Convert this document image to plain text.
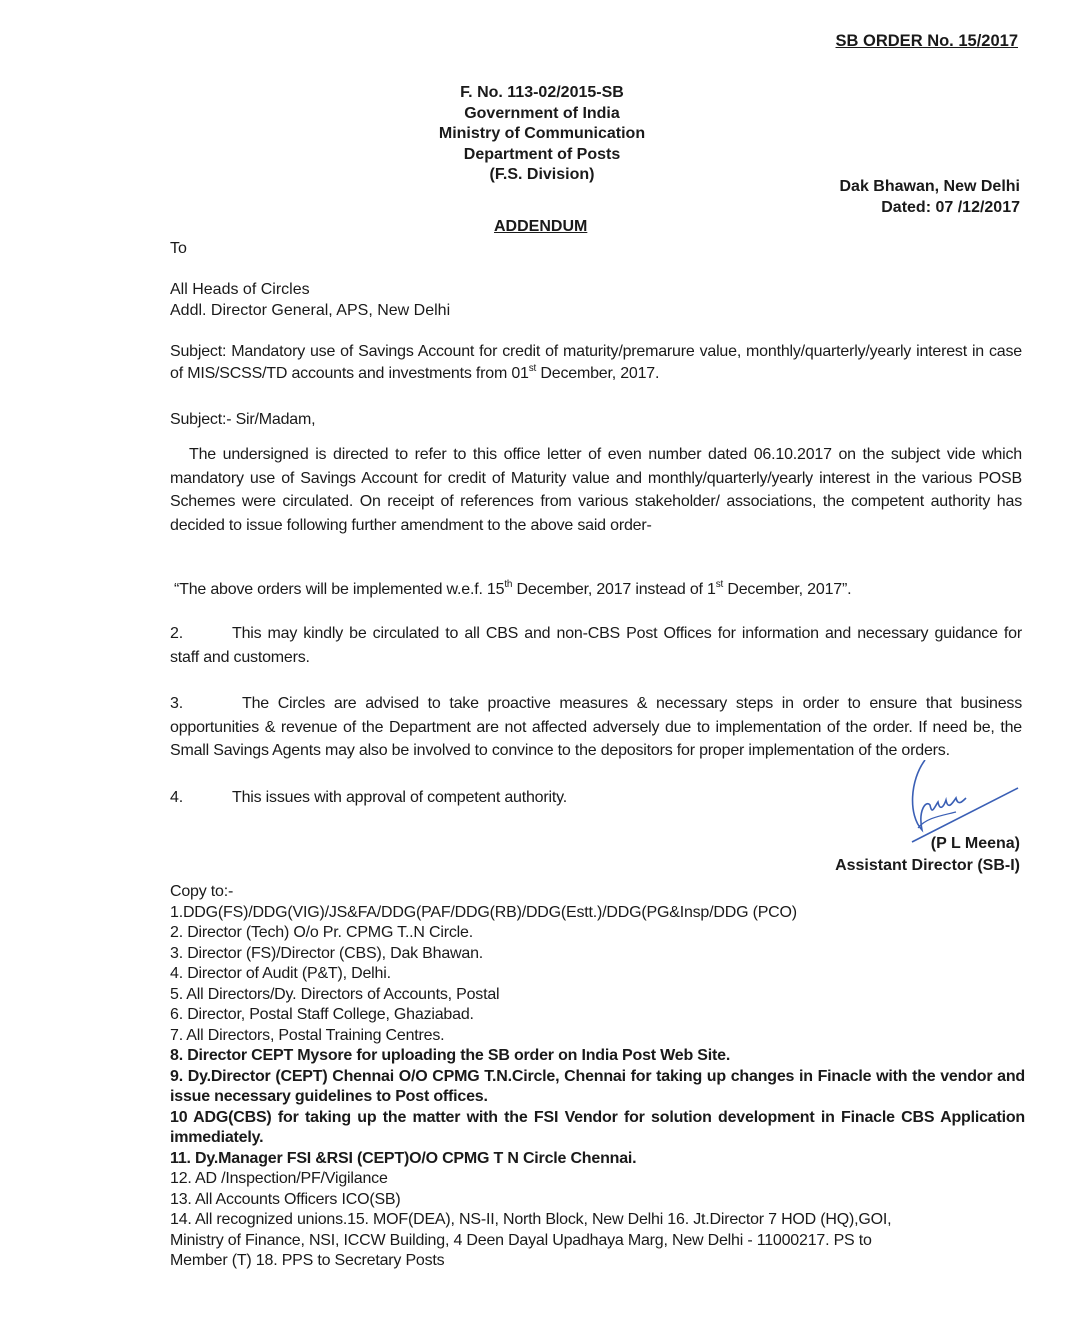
SB ORDER No. 15/2017
F. No. 113-02/2015-SB
Government of India
Ministry of Communication
Department of Posts
(F.S. Division)
Dak Bhawan, New Delhi
Dated: 07 /12/2017
ADDENDUM
To
All Heads of Circles
Addl. Director General, APS, New Delhi
Subject: Mandatory use of Savings Account for credit of maturity/premarure value, monthly/quarterly/yearly interest in case of MIS/SCSS/TD accounts and investments from 01st December, 2017.
Subject:- Sir/Madam,
The undersigned is directed to refer to this office letter of even number dated 06.10.2017 on the subject vide which mandatory use of Savings Account for credit of Maturity value and monthly/quarterly/yearly interest in the various POSB Schemes were circulated. On receipt of references from various stakeholder/ associations, the competent authority has decided to issue following further amendment to the above said order-
“The above orders will be implemented w.e.f. 15th December, 2017 instead of 1st December, 2017”.
2.	This may kindly be circulated to all CBS and non-CBS Post Offices for information and necessary guidance for staff and customers.
3.	The Circles are advised to take proactive measures & necessary steps in order to ensure that business opportunities & revenue of the Department are not affected adversely due to implementation of the order. If need be, the Small Savings Agents may also be involved to convince to the depositors for proper implementation of the orders.
4.	This issues with approval of competent authority.
(P L Meena)
Assistant Director (SB-I)

Copy to:-

1.DDG(FS)/DDG(VIG)/JS&FA/DDG(PAF/DDG(RB)/DDG(Estt.)/DDG(PG&Insp/DDG (PCO)

2. Director (Tech) O/o Pr. CPMG T..N Circle.

3. Director (FS)/Director (CBS), Dak Bhawan.

4. Director of Audit (P&T), Delhi.

5. All Directors/Dy. Directors of Accounts, Postal

6. Director, Postal Staff College, Ghaziabad.

7. All Directors, Postal Training Centres.

8. Director CEPT Mysore for uploading the SB order on India Post Web Site.

9. Dy.Director (CEPT) Chennai O/O CPMG T.N.Circle, Chennai for taking up changes in Finacle with the vendor and issue necessary guidelines to Post offices.

10 ADG(CBS) for taking up the matter with the FSI Vendor for solution development in Finacle CBS Application immediately.

11. Dy.Manager FSI &RSI (CEPT)O/O CPMG T N Circle Chennai.

12. AD /Inspection/PF/Vigilance

13. All Accounts Officers ICO(SB)

14. All recognized unions.15. MOF(DEA), NS-II, North Block, New Delhi 16. Jt.Director 7 HOD (HQ),GOI, Ministry of Finance, NSI, ICCW Building, 4 Deen Dayal Upadhaya Marg, New Delhi - 11000217. PS to Member (T) 18. PPS to Secretary Posts
